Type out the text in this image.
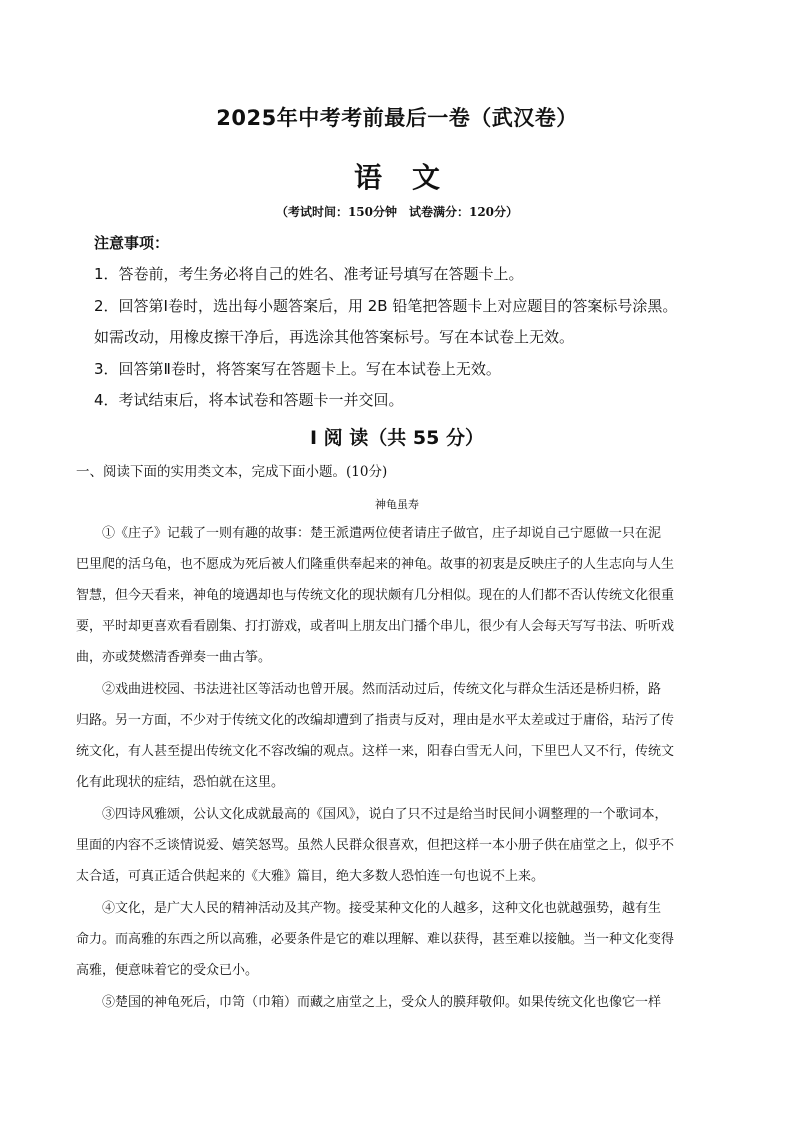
2025年中考考前最后一卷（武汉卷）
语 文
（考试时间：150分钟　试卷满分：120分）
注意事项：
1．答卷前，考生务必将自己的姓名、准考证号填写在答题卡上。
2．回答第Ⅰ卷时，选出每小题答案后，用 2B 铅笔把答题卡上对应题目的答案标号涂黑。
如需改动，用橡皮擦干净后，再选涂其他答案标号。写在本试卷上无效。
3．回答第Ⅱ卷时，将答案写在答题卡上。写在本试卷上无效。
4．考试结束后，将本试卷和答题卡一并交回。
Ⅰ 阅 读（共 55 分）
一、阅读下面的实用类文本，完成下面小题。(10分)
神龟虽寿
①《庄子》记载了一则有趣的故事：楚王派遣两位使者请庄子做官，庄子却说自己宁愿做一只在泥
巴里爬的活乌龟，也不愿成为死后被人们隆重供奉起来的神龟。故事的初衷是反映庄子的人生志向与人生
智慧，但今天看来，神龟的境遇却也与传统文化的现状颇有几分相似。现在的人们都不否认传统文化很重
要，平时却更喜欢看看剧集、打打游戏，或者叫上朋友出门播个串儿，很少有人会每天写写书法、听听戏
曲，亦或焚燃清香弹奏一曲古筝。
②戏曲进校园、书法进社区等活动也曾开展。然而活动过后，传统文化与群众生活还是桥归桥，路
归路。另一方面，不少对于传统文化的改编却遭到了指责与反对，理由是水平太差或过于庸俗，玷污了传
统文化，有人甚至提出传统文化不容改编的观点。这样一来，阳春白雪无人问，下里巴人又不行，传统文
化有此现状的症结，恐怕就在这里。
③四诗风雅颂，公认文化成就最高的《国风》，说白了只不过是给当时民间小调整理的一个歌词本，
里面的内容不乏谈情说爱、嬉笑怒骂。虽然人民群众很喜欢，但把这样一本小册子供在庙堂之上，似乎不
太合适，可真正适合供起来的《大雅》篇目，绝大多数人恐怕连一句也说不上来。
④文化，是广大人民的精神活动及其产物。接受某种文化的人越多，这种文化也就越强势，越有生
命力。而高雅的东西之所以高雅，必要条件是它的难以理解、难以获得，甚至难以接触。当一种文化变得
高雅，便意味着它的受众已小。
⑤楚国的神龟死后，巾笥（巾箱）而藏之庙堂之上，受众人的膜拜敬仰。如果传统文化也像它一样
